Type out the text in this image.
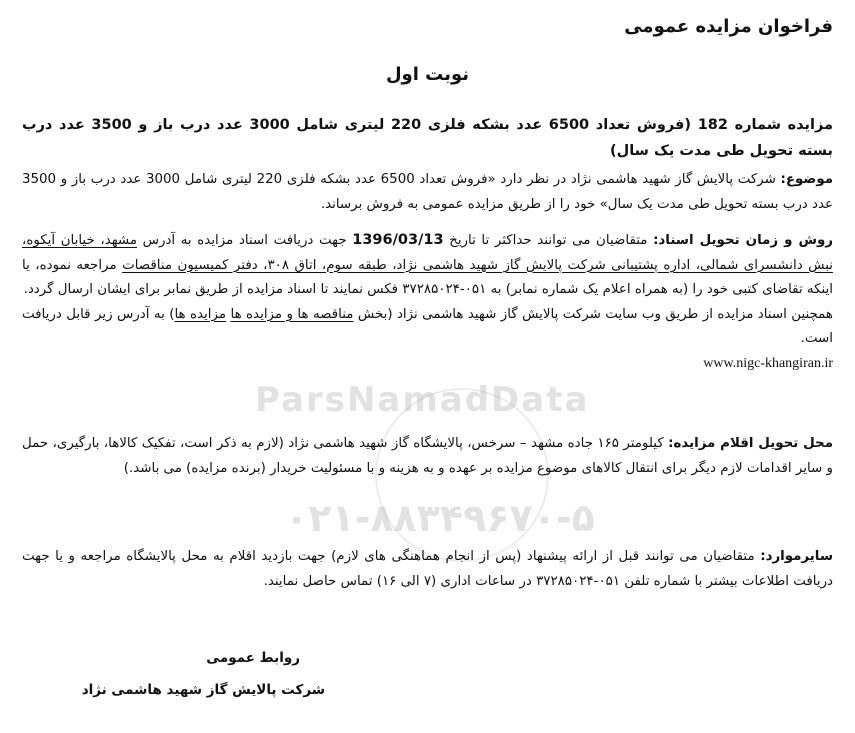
ParsNamadData
۰۲۱-۸۸۳۴۹۶۷۰-۵
فراخوان مزایده عمومی
نوبت اول
مزایده شماره 182 (فروش تعداد 6500 عدد بشکه فلزی 220 لیتری شامل 3000 عدد درب باز و 3500 عدد درب بسته تحویل طی مدت یک سال)
موضوع: شرکت پالایش گاز شهید هاشمی نژاد در نظر دارد «فروش تعداد 6500 عدد بشکه فلزی 220 لیتری شامل 3000 عدد درب باز و 3500 عدد درب بسته تحویل طی مدت یک سال» خود را از طریق مزایده عمومی به فروش برساند.
روش و زمان تحویل اسناد: متقاضیان می توانند حداکثر تا تاریخ 1396/03/13 جهت دریافت اسناد مزایده به آدرس مشهد، خیابان آیکوه، نبش دانشسرای شمالی، اداره پشتیبانی شرکت پالایش گاز شهید هاشمی نژاد، طبقه سوم، اتاق ۳۰۸، دفتر کمیسیون مناقصات مراجعه نموده، یا اینکه تقاضای کتبی خود را (به همراه اعلام یک شماره نمابر) به ۰۵۱-۳۷۲۸۵۰۲۴ فکس نمایند تا اسناد مزایده از طریق نمابر برای ایشان ارسال گردد.
همچنین اسناد مزایده از طریق وب سایت شرکت پالایش گاز شهید هاشمی نژاد (بخش مناقصه ها و مزایده ها مزایده ها) به آدرس زیر قابل دریافت است.
www.nigc-khangiran.ir
محل تحویل اقلام مزایده: کیلومتر ۱۶۵ جاده مشهد – سرخس، پالایشگاه گاز شهید هاشمی نژاد (لازم به ذکر است، تفکیک کالاها، بارگیری، حمل و سایر اقدامات لازم دیگر برای انتقال کالاهای موضوع مزایده بر عهده و به هزینه و با مسئولیت خریدار (برنده مزایده) می باشد.)
سایرموارد: متقاضیان می توانند قبل از ارائه پیشنهاد (پس از انجام هماهنگی های لازم) جهت بازدید اقلام به محل پالایشگاه مراجعه و یا جهت دریافت اطلاعات بیشتر با شماره تلفن ۰۵۱-۳۷۲۸۵۰۲۴ در ساعات اداری (۷ الی ۱۶) تماس حاصل نمایند.
روابط عمومی
شرکت پالایش گاز شهید هاشمی نژاد
